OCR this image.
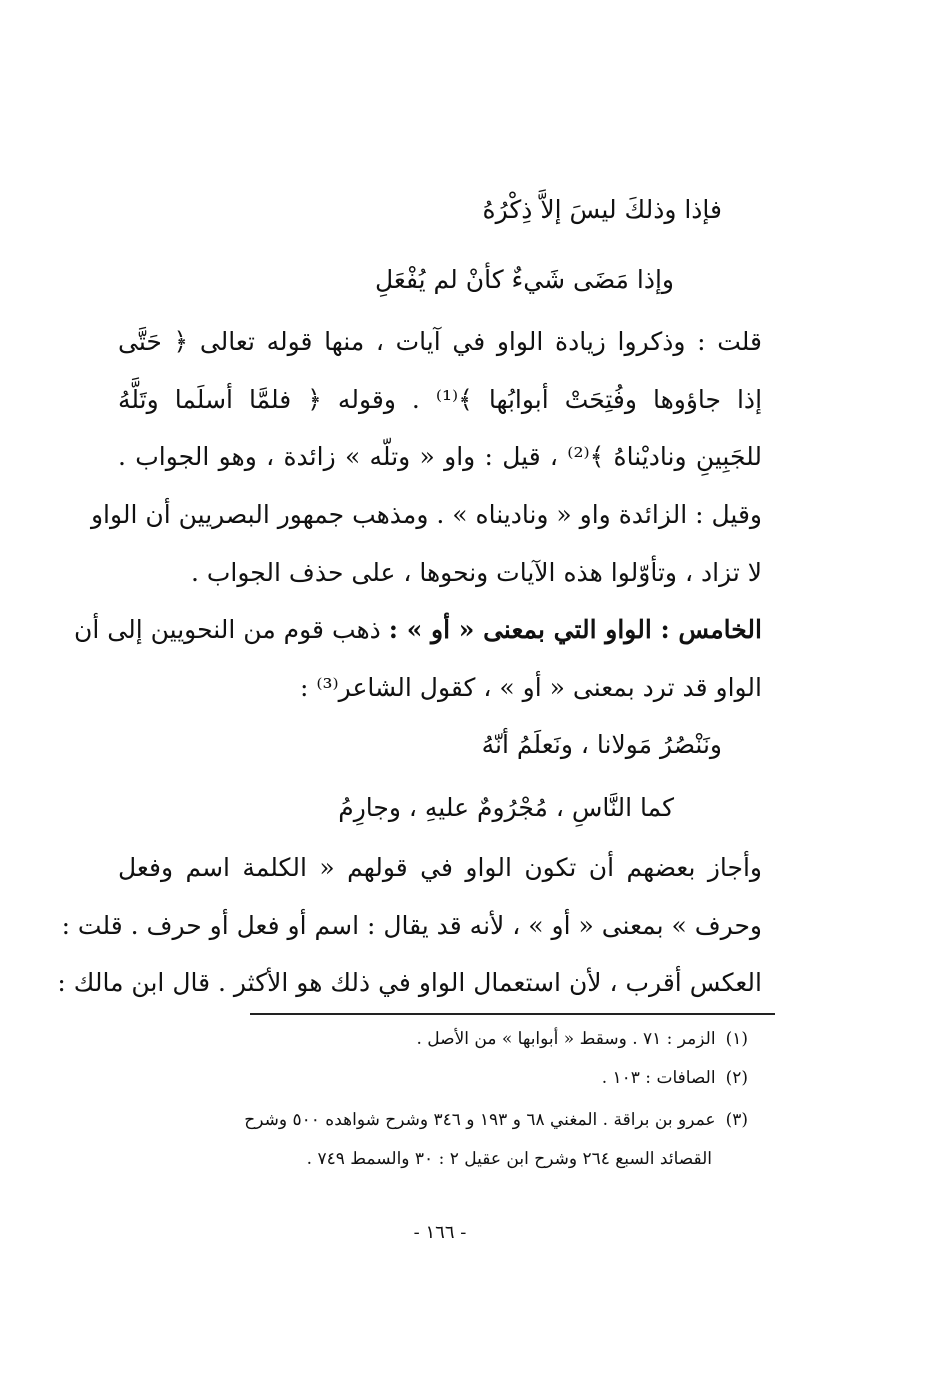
فإذا وذلكَ ليسَ إلاَّ ذِكْرُهُ
وإذا مَضَى شَيءٌ كأنْ لم يُفْعَلِ
قلت : وذكروا زيادة الواو في آيات ، منها قوله تعالى ﴿ حَتَّى
إذا جاؤوها وفُتِحَتْ أبوابُها ﴾⁽¹⁾ . وقوله ﴿ فلمَّا أسلَما وتَلَّهُ
للجَبِينِ وناديْناهُ ﴾⁽²⁾ ، قيل : واو « وتلّه » زائدة ، وهو الجواب .
وقيل : الزائدة واو « وناديناه » . ومذهب جمهور البصريين أن الواو
لا تزاد ، وتأوّلوا هذه الآيات ونحوها ، على حذف الجواب .
الخامس : الواو التي بمعنى « أو » : ذهب قوم من النحويين إلى أن
الواو قد ترد بمعنى « أو » ، كقول الشاعر⁽³⁾ :
ونَنْصُرُ مَولانا ، ونَعلَمُ أنّهُ
كما النَّاسِ ، مُجْرُومٌ عليهِ ، وجارِمُ
وأجاز بعضهم أن تكون الواو في قولهم « الكلمة اسم وفعل
وحرف » بمعنى « أو » ، لأنه قد يقال : اسم أو فعل أو حرف . قلت :
العكس أقرب ، لأن استعمال الواو في ذلك هو الأكثر . قال ابن مالك :
(١)الزمر : ٧١ . وسقط « أبوابها » من الأصل .
(٢)الصافات : ١٠٣ .
(٣)عمرو بن براقة . المغني ٦٨ و ١٩٣ و ٣٤٦ وشرح شواهده ٥٠٠ وشرح
القصائد السبع ٢٦٤ وشرح ابن عقيل ٢ : ٣٠ والسمط ٧٤٩ .
- ١٦٦ -
